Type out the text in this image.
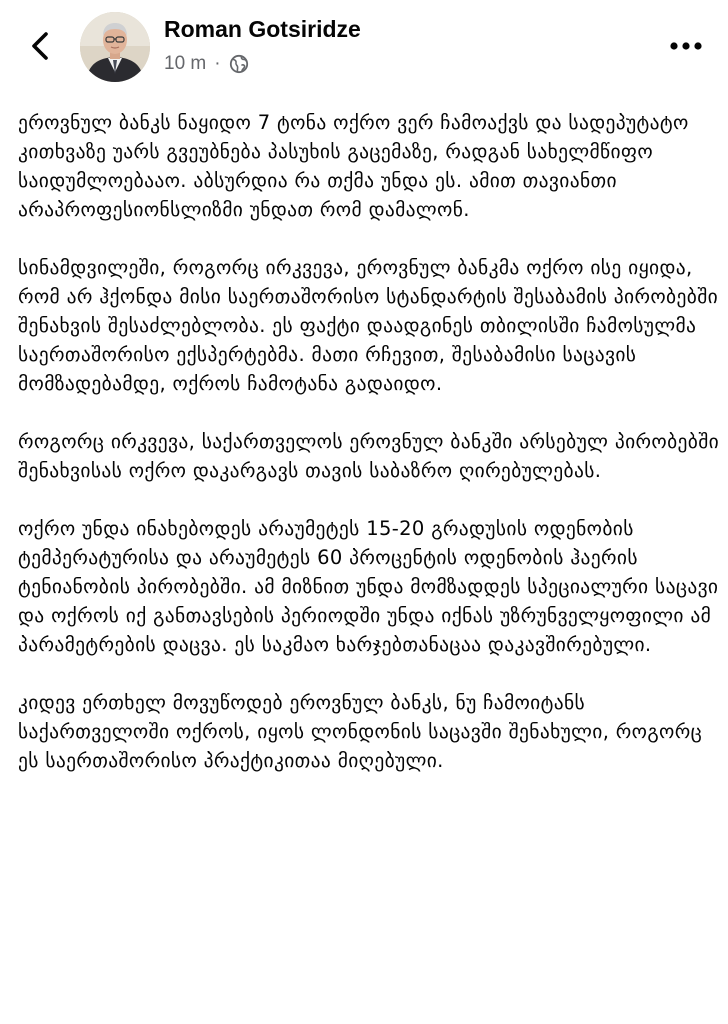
Roman Gotsiridze
10 m ·

ეროვნულ ბანკს ნაყიდო 7 ტონა ოქრო ვერ ჩამოაქვს და სადეპუტატო კითხვაზე უარს გვეუბნება პასუხის გაცემაზე, რადგან სახელმწიფო საიდუმლოებააო. აბსურდია რა თქმა უნდა ეს. ამით თავიანთი არაპროფესიონსლიზმი უნდათ რომ დამალონ.

სინამდვილეში, როგორც ირკვევა, ეროვნულ ბანკმა ოქრო ისე იყიდა, რომ არ ჰქონდა მისი საერთაშორისო სტანდარტის შესაბამის პირობებში შენახვის შესაძლებლობა. ეს ფაქტი დაადგინეს თბილისში ჩამოსულმა საერთაშორისო ექსპერტებმა. მათი რჩევით, შესაბამისი საცავის მომზადებამდე, ოქროს ჩამოტანა გადაიდო.

როგორც ირკვევა, საქართველოს ეროვნულ ბანკში არსებულ პირობებში შენახვისას ოქრო დაკარგავს თავის საბაზრო ღირებულებას.

ოქრო უნდა ინახებოდეს არაუმეტეს 15-20 გრადუსის ოდენობის ტემპერატურისა და არაუმეტეს 60 პროცენტის ოდენობის ჰაერის ტენიანობის პირობებში. ამ მიზნით უნდა მომზადდეს სპეციალური საცავი და ოქროს იქ განთავსების პერიოდში უნდა იქნას უზრუნველყოფილი ამ პარამეტრების დაცვა. ეს საკმაო ხარჯებთანაცაა დაკავშირებული.

კიდევ ერთხელ მოვუწოდებ ეროვნულ ბანკს, ნუ ჩამოიტანს საქართველოში ოქროს, იყოს ლონდონის საცავში შენახული, როგორც ეს საერთაშორისო პრაქტიკითაა მიღებული.
